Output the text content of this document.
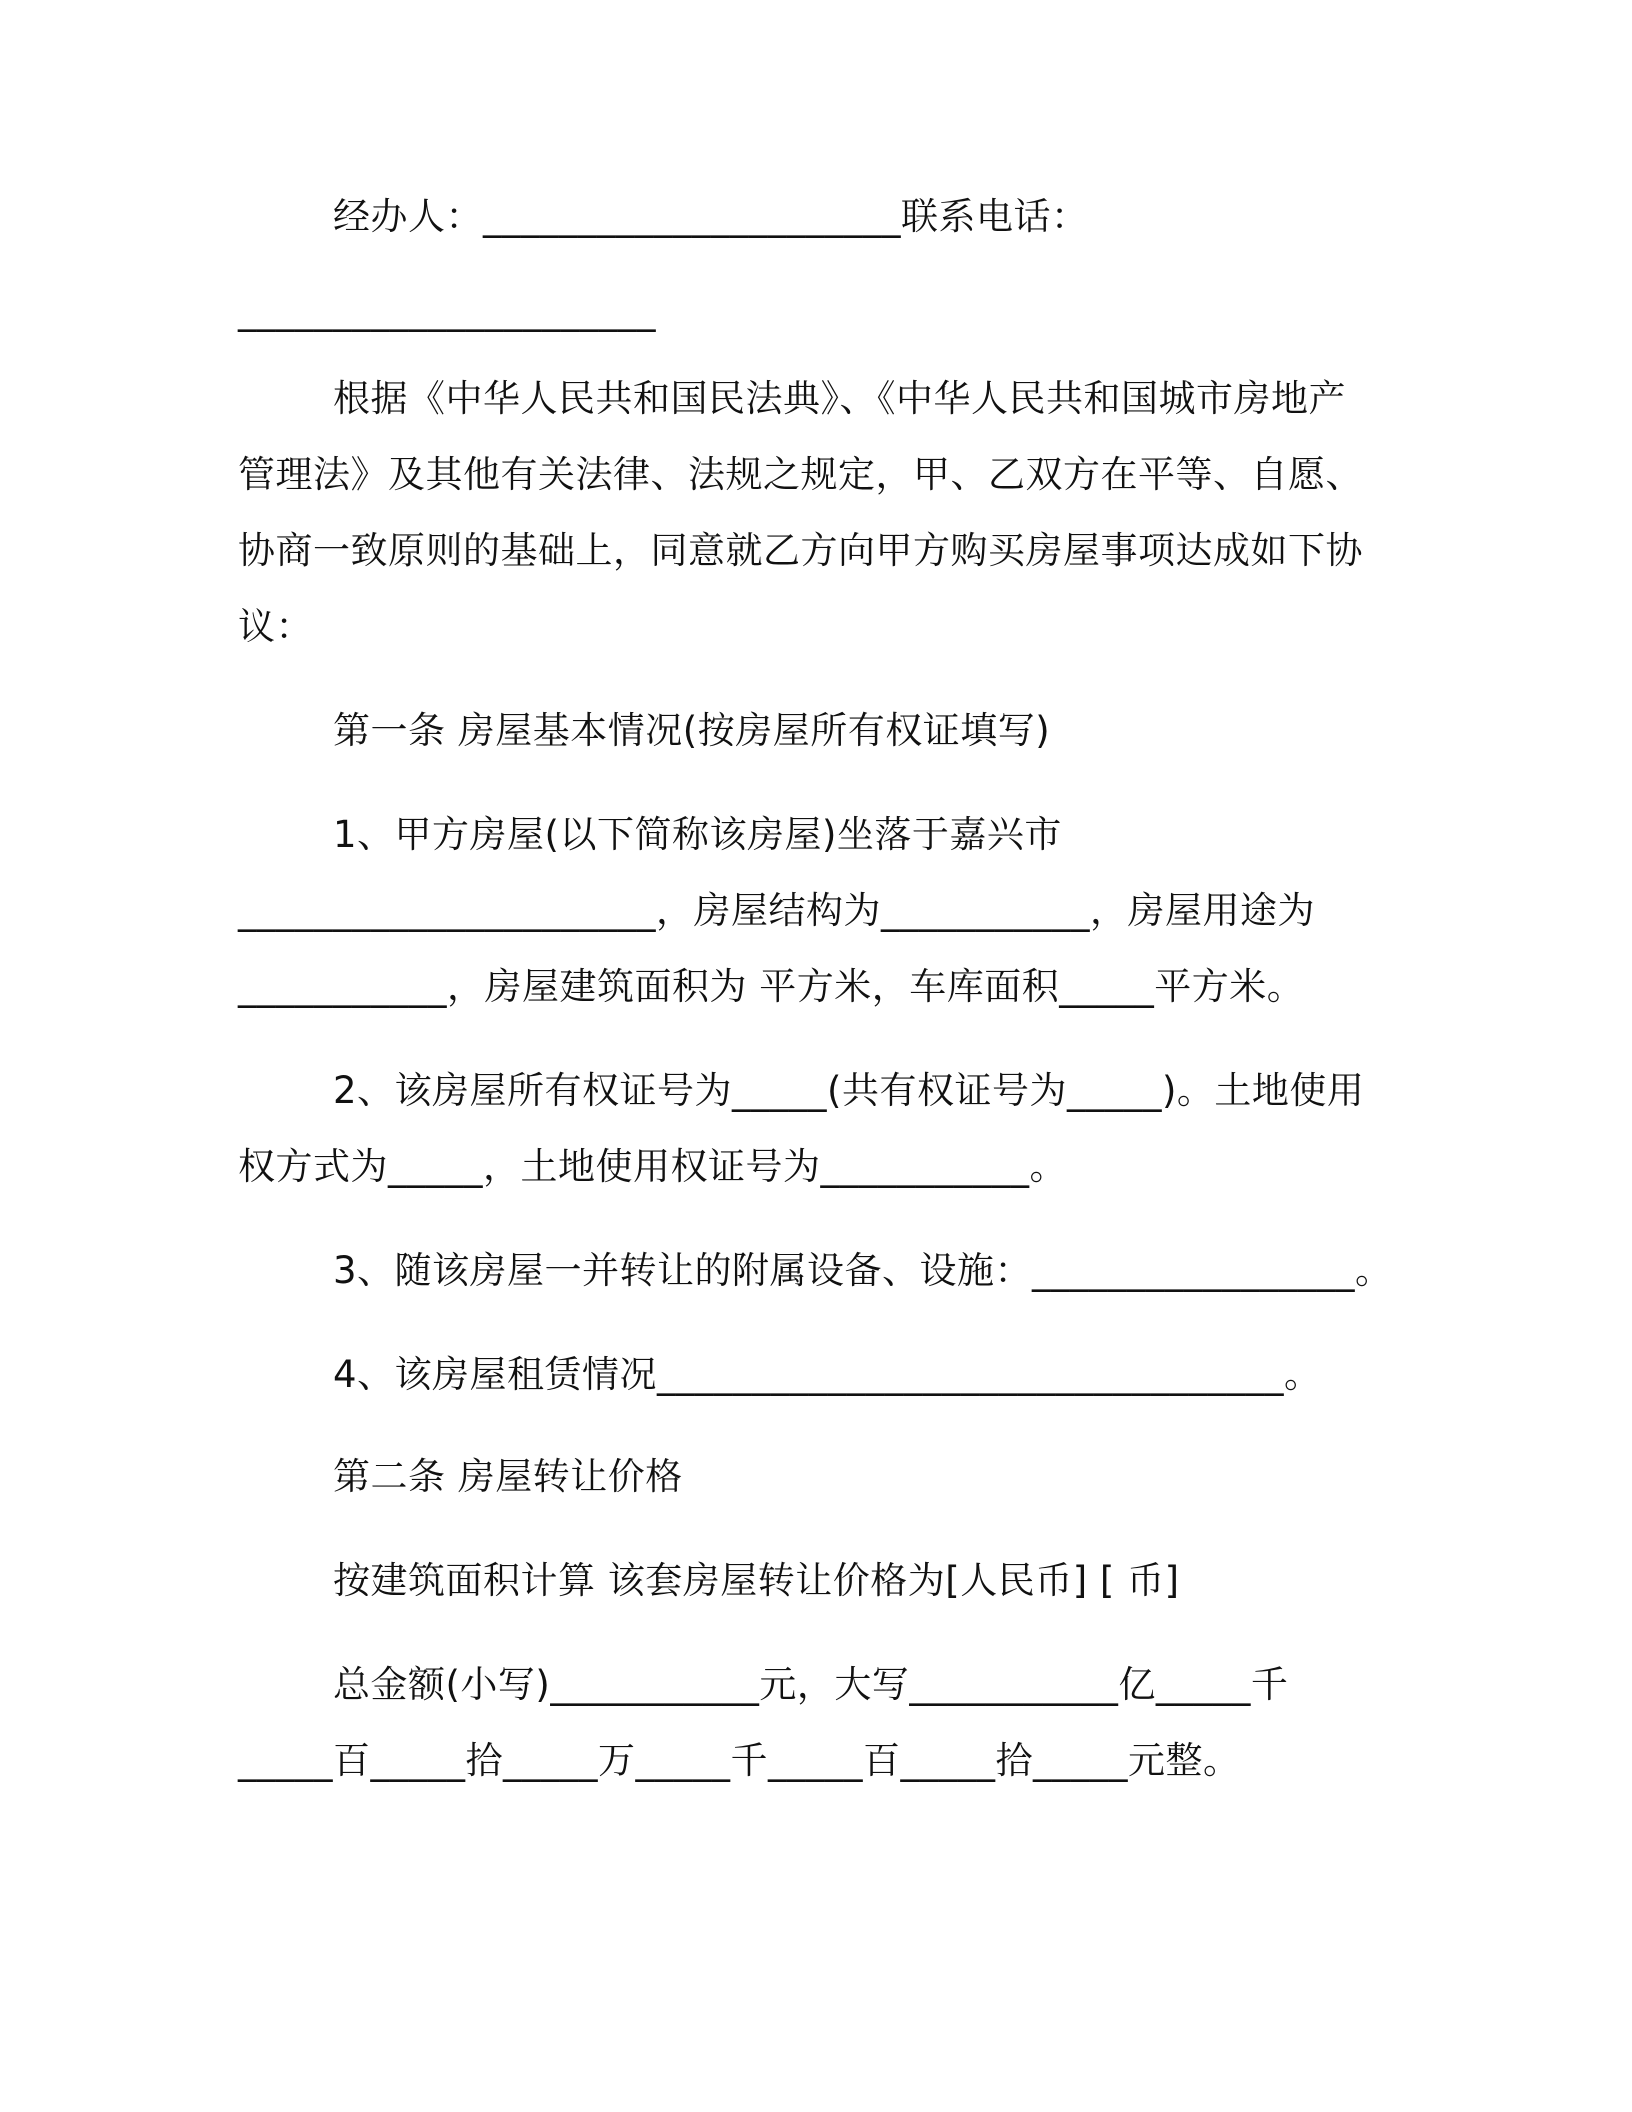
经办人：______________________联系电话：
______________________
根据《中华人民共和国民法典》、《中华人民共和国城市房地产
管理法》及其他有关法律、法规之规定，甲、乙双方在平等、自愿、
协商一致原则的基础上，同意就乙方向甲方购买房屋事项达成如下协
议：
第一条 房屋基本情况(按房屋所有权证填写)
1、甲方房屋(以下简称该房屋)坐落于嘉兴市
______________________，房屋结构为___________，房屋用途为
___________，房屋建筑面积为 平方米，车库面积_____平方米。
2、该房屋所有权证号为_____(共有权证号为_____)。土地使用
权方式为_____，土地使用权证号为___________。
3、随该房屋一并转让的附属设备、设施：_________________。
4、该房屋租赁情况_________________________________。
第二条 房屋转让价格
按建筑面积计算 该套房屋转让价格为[人民币] [ 币]
总金额(小写)___________元，大写___________亿_____千
_____百_____拾_____万_____千_____百_____拾_____元整。
